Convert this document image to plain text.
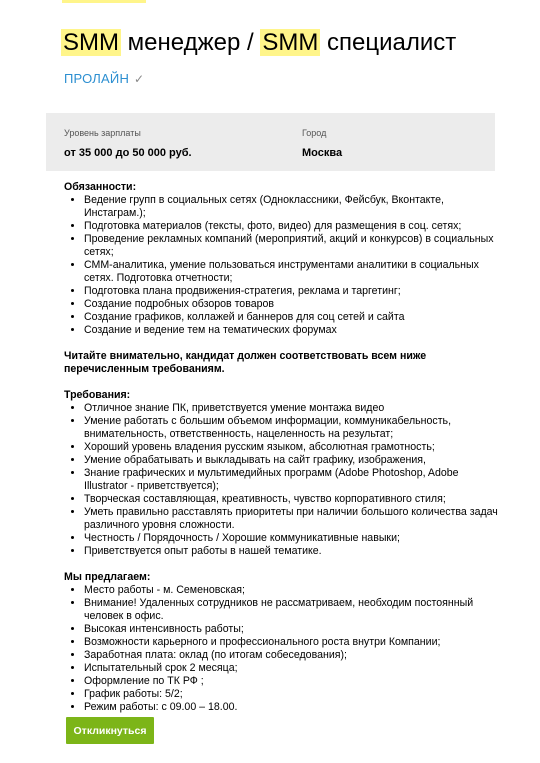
SMM менеджер / SMM специалист
ПРОЛАЙН ✓
Уровень зарплаты
от 35 000 до 50 000 руб.
Город
Москва

Обязанности:

• Ведение групп в социальных сетях (Одноклассники, Фейсбук, Вконтакте, Инстаграм.);
• Подготовка материалов (тексты, фото, видео) для размещения в соц. сетях;
• Проведение рекламных компаний (мероприятий, акций и конкурсов) в социальных сетях;
• СММ-аналитика, умение пользоваться инструментами аналитики в социальных сетях. Подготовка отчетности;
• Подготовка плана продвижения-стратегия, реклама и таргетинг;
• Создание подробных обзоров товаров
• Создание графиков, коллажей и баннеров для соц сетей и сайта
• Создание и ведение тем на тематических форумах

Читайте внимательно, кандидат должен соответствовать всем ниже перечисленным требованиям.

Требования:

• Отличное знание ПК, приветствуется умение монтажа видео
• Умение работать с большим объемом информации, коммуникабельность, внимательность, ответственность, нацеленность на результат;
• Хороший уровень владения русским языком, абсолютная грамотность;
• Умение обрабатывать и выкладывать на сайт графику, изображения,
• Знание графических и мультимедийных программ (Adobe Photoshop, Adobe Illustrator - приветствуется);
• Творческая составляющая, креативность, чувство корпоративного стиля;
• Уметь правильно расставлять приоритеты при наличии большого количества задач различного уровня сложности.
• Честность / Порядочность / Хорошие коммуникативные навыки;
• Приветствуется опыт работы в нашей тематике.

Мы предлагаем:

• Место работы - м. Семеновская;
• Внимание! Удаленных сотрудников не рассматриваем, необходим постоянный человек в офис.
• Высокая интенсивность работы;
• Возможности карьерного и профессионального роста внутри Компании;
• Заработная плата: оклад (по итогам собеседования);
• Испытательный срок 2 месяца;
• Оформление по ТК РФ ;
• График работы: 5/2;
• Режим работы: с 09.00 – 18.00.
Откликнуться
